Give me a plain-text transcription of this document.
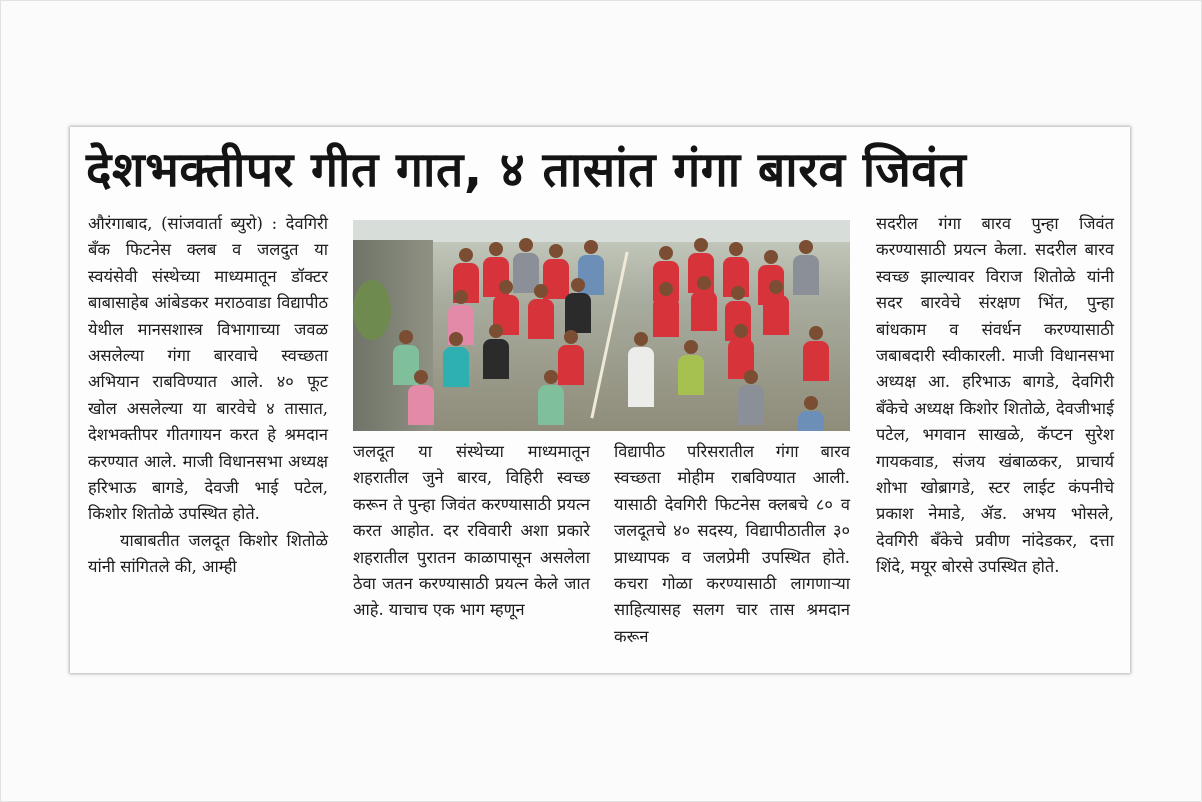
देशभक्तीपर गीत गात, ४ तासांत गंगा बारव जिवंत

औरंगाबाद, (सांजवार्ता ब्युरो) : देवगिरी बँक फिटनेस क्लब व जलदुत या स्वयंसेवी संस्थेच्या माध्यमातून डॉक्टर बाबासाहेब आंबेडकर मराठवाडा विद्यापीठ येथील मानसशास्त्र विभागाच्या जवळ असलेल्या गंगा बारवाचे स्वच्छता अभियान राबविण्यात आले. ४० फूट खोल असलेल्या या बारवेचे ४ तासात, देशभक्तीपर गीतगायन करत हे श्रमदान करण्यात आले. माजी विधानसभा अध्यक्ष हरिभाऊ बागडे, देवजी भाई पटेल, किशोर शितोळे उपस्थित होते.

याबाबतीत जलदूत किशोर शितोळे यांनी सांगितले की, आम्ही

जलदूत या संस्थेच्या माध्यमातून शहरातील जुने बारव, विहिरी स्वच्छ करून ते पुन्हा जिवंत करण्यासाठी प्रयत्न करत आहोत. दर रविवारी अशा प्रकारे शहरातील पुरातन काळापासून असलेला ठेवा जतन करण्यासाठी प्रयत्न केले जात आहे. याचाच एक भाग म्हणून

विद्यापीठ परिसरातील गंगा बारव स्वच्छता मोहीम राबविण्यात आली. यासाठी देवगिरी फिटनेस क्लबचे ८० व जलदूतचे ४० सदस्य, विद्यापीठातील ३० प्राध्यापक व जलप्रेमी उपस्थित होते. कचरा गोळा करण्यासाठी लागणाऱ्या साहित्यासह सलग चार तास श्रमदान करून

सदरील गंगा बारव पुन्हा जिवंत करण्यासाठी प्रयत्न केला. सदरील बारव स्वच्छ झाल्यावर विराज शितोळे यांनी सदर बारवेचे संरक्षण भिंत, पुन्हा बांधकाम व संवर्धन करण्यासाठी जबाबदारी स्वीकारली. माजी विधानसभा अध्यक्ष आ. हरिभाऊ बागडे, देवगिरी बँकेचे अध्यक्ष किशोर शितोळे, देवजीभाई पटेल, भगवान साखळे, कॅप्टन सुरेश गायकवाड, संजय खंबाळकर, प्राचार्य शोभा खोब्रागडे, स्टर लाईट कंपनीचे प्रकाश नेमाडे, ॲड. अभय भोसले, देवगिरी बँकेचे प्रवीण नांदेडकर, दत्ता शिंदे, मयूर बोरसे उपस्थित होते.
